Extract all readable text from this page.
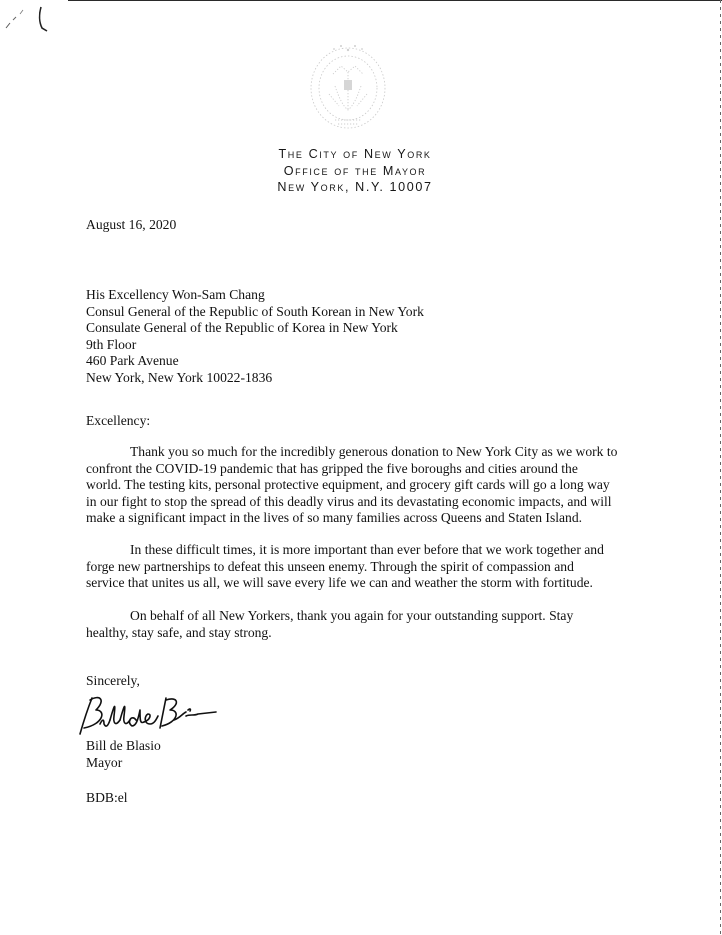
The City of New York
Office of the Mayor
New York, N.Y. 10007
August 16, 2020
His Excellency Won-Sam Chang
Consul General of the Republic of South Korean in New York
Consulate General of the Republic of Korea in New York
9th Floor
460 Park Avenue
New York, New York 10022-1836
Excellency:
Thank you so much for the incredibly generous donation to New York City as we work to
confront the COVID-19 pandemic that has gripped the five boroughs and cities around the
world. The testing kits, personal protective equipment, and grocery gift cards will go a long way
in our fight to stop the spread of this deadly virus and its devastating economic impacts, and will
make a significant impact in the lives of so many families across Queens and Staten Island.
In these difficult times, it is more important than ever before that we work together and
forge new partnerships to defeat this unseen enemy. Through the spirit of compassion and
service that unites us all, we will save every life we can and weather the storm with fortitude.
On behalf of all New Yorkers, thank you again for your outstanding support. Stay
healthy, stay safe, and stay strong.
Sincerely,
Bill de Blasio
Mayor
BDB:el
